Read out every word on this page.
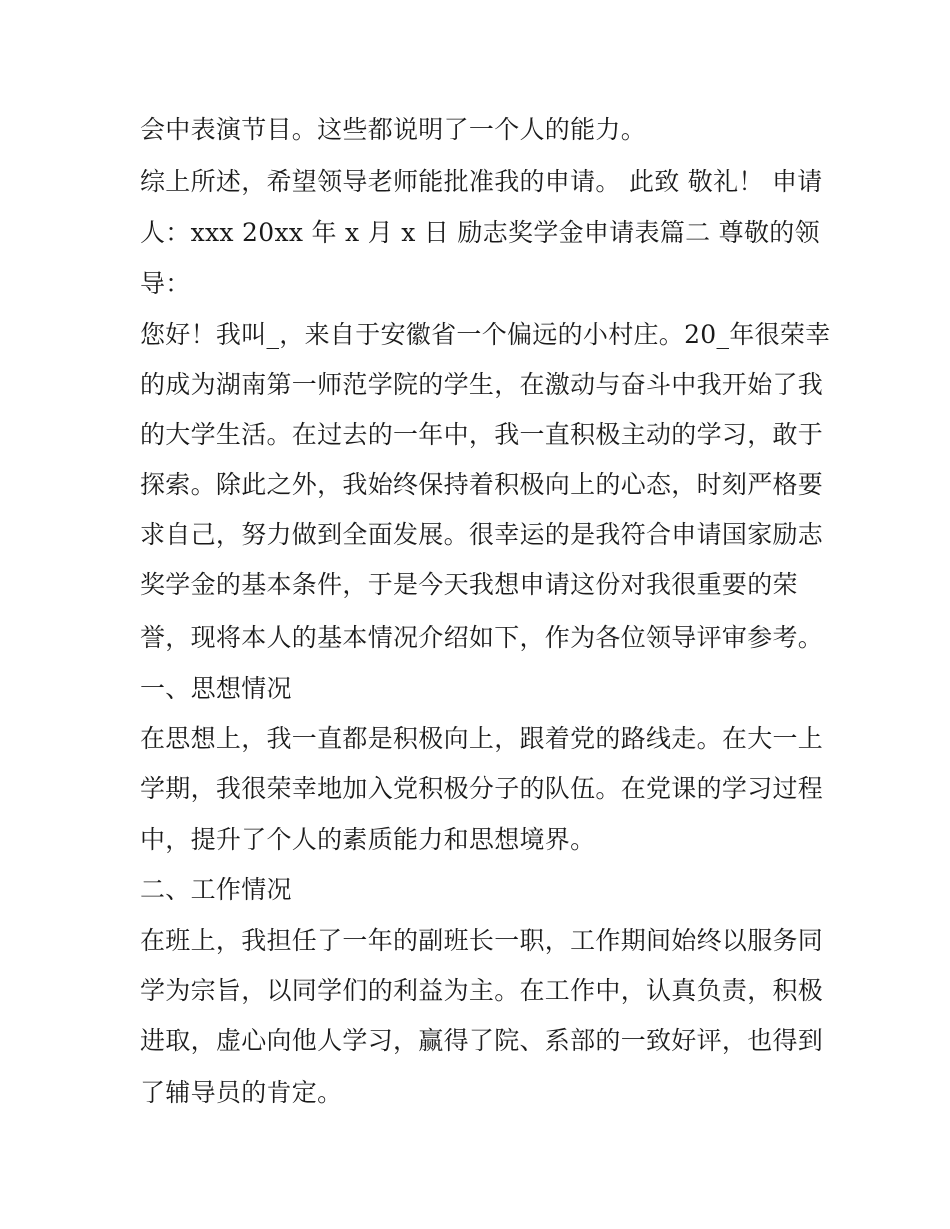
会中表演节目。这些都说明了一个人的能力。

综上所述，希望领导老师能批准我的申请。 此致 敬礼！ 申请

人：xxx 20xx 年 x 月 x 日 励志奖学金申请表篇二 尊敬的领

导：

您好！我叫_，来自于安徽省一个偏远的小村庄。20_年很荣幸

的成为湖南第一师范学院的学生，在激动与奋斗中我开始了我

的大学生活。在过去的一年中，我一直积极主动的学习，敢于

探索。除此之外，我始终保持着积极向上的心态，时刻严格要

求自己，努力做到全面发展。很幸运的是我符合申请国家励志

奖学金的基本条件，于是今天我想申请这份对我很重要的荣

誉，现将本人的基本情况介绍如下，作为各位领导评审参考。

一、思想情况

在思想上，我一直都是积极向上，跟着党的路线走。在大一上

学期，我很荣幸地加入党积极分子的队伍。在党课的学习过程

中，提升了个人的素质能力和思想境界。

二、工作情况

在班上，我担任了一年的副班长一职，工作期间始终以服务同

学为宗旨，以同学们的利益为主。在工作中，认真负责，积极

进取，虚心向他人学习，赢得了院、系部的一致好评，也得到

了辅导员的肯定。
